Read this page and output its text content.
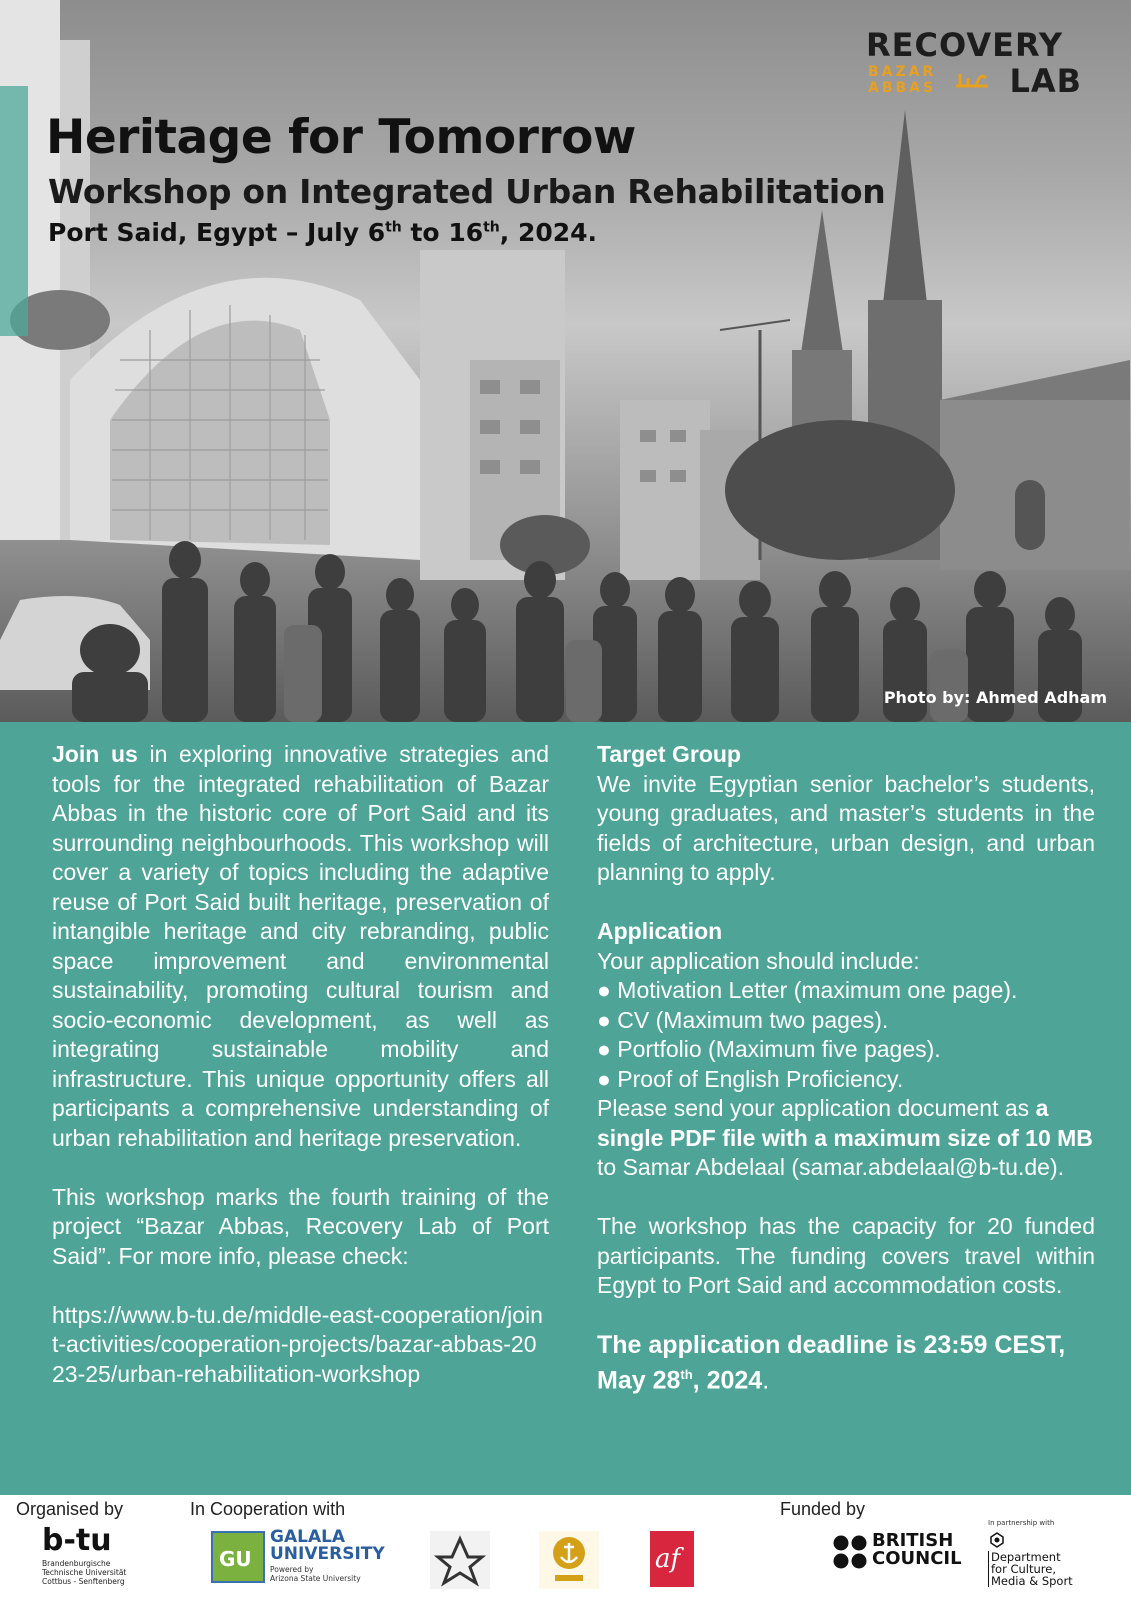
RECOVERY
BAZAR
ABBAS LAB
Heritage for Tomorrow
Workshop on Integrated Urban Rehabilitation
Port Said, Egypt – July 6th to 16th, 2024.
Photo by: Ahmed Adham

Join us in exploring innovative strategies and tools for the integrated rehabilitation of Bazar Abbas in the historic core of Port Said and its surrounding neighbourhoods. This workshop will cover a variety of topics including the adaptive reuse of Port Said built heritage, preservation of intangible heritage and city rebranding, public space improvement and environmental sustainability, promoting cultural tourism and socio-economic development, as well as integrating sustainable mobility and infrastructure. This unique opportunity offers all participants a comprehensive understanding of urban rehabilitation and heritage preservation.

This workshop marks the fourth training of the project “Bazar Abbas, Recovery Lab of Port Said”. For more info, please check:

https://www.b-tu.de/middle-east-cooperation/joint-activities/cooperation-projects/bazar-abbas-2023-25/urban-rehabilitation-workshop

Target Group

We invite Egyptian senior bachelor’s students, young graduates, and master’s students in the fields of architecture, urban design, and urban planning to apply.

Application

Your application should include:

● Motivation Letter (maximum one page).

● CV (Maximum two pages).

● Portfolio (Maximum five pages).

● Proof of English Proficiency.

Please send your application document as a single PDF file with a maximum size of 10 MB to Samar Abdelaal (samar.abdelaal@b-tu.de).

The workshop has the capacity for 20 funded participants. The funding covers travel within Egypt to Port Said and accommodation costs.

The application deadline is 23:59 CEST, May 28th, 2024.

Organised by	In Cooperation with	Funded by
b-tu
Brandenburgische Technische Universität Cottbus - Senftenberg
GU
GALALA
UNIVERSITY
Powered by
Arizona State University
af
BRITISH
COUNCIL
In partnership with
Department
for Culture,
Media & Sport
